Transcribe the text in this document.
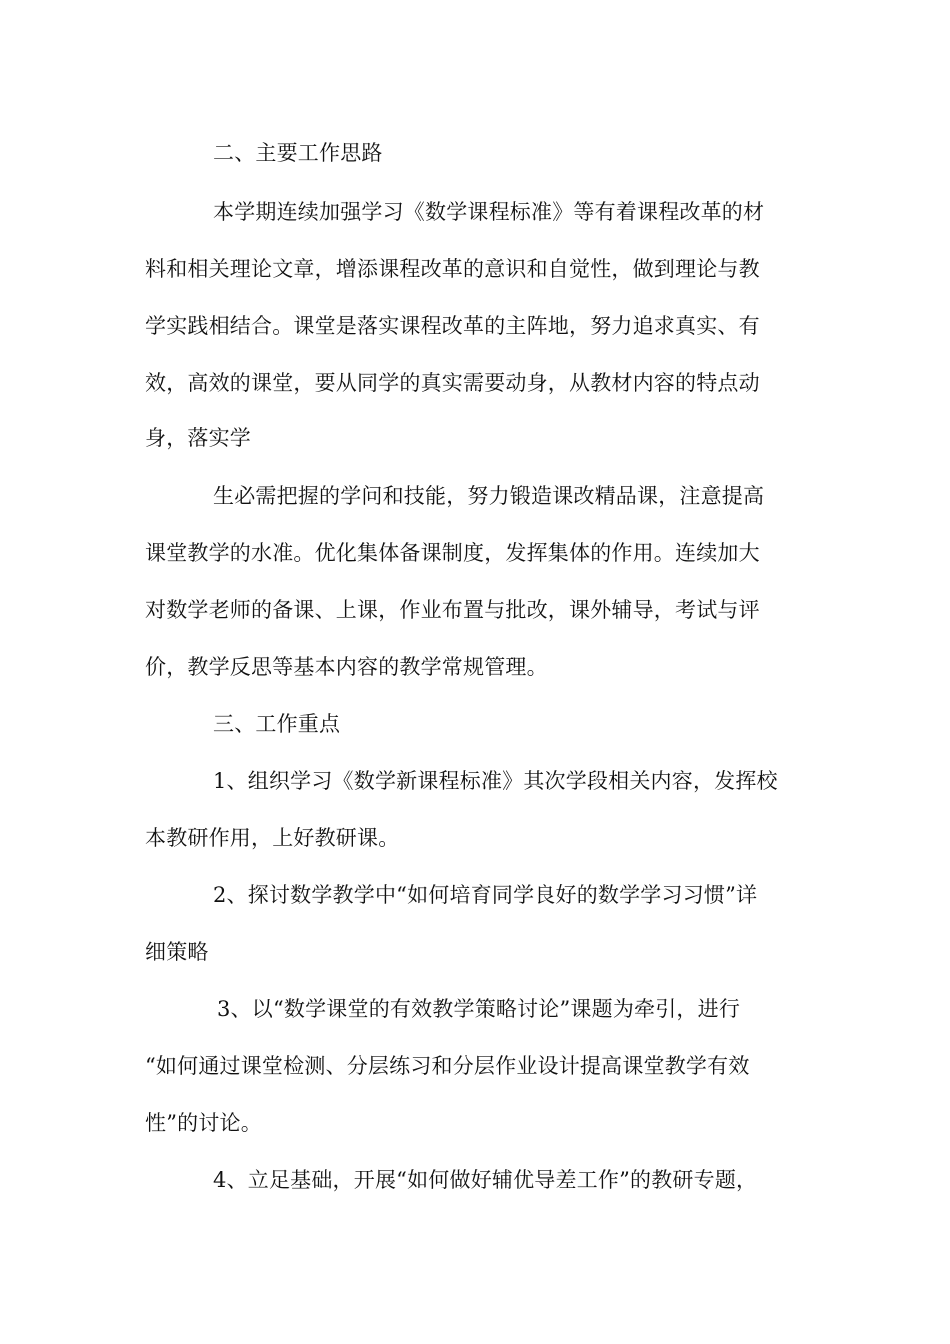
二、主要工作思路
本学期连续加强学习《数学课程标准》等有着课程改革的材
料和相关理论文章，增添课程改革的意识和自觉性，做到理论与教
学实践相结合。课堂是落实课程改革的主阵地，努力追求真实、有
效，高效的课堂，要从同学的真实需要动身，从教材内容的特点动
身，落实学
生必需把握的学问和技能，努力锻造课改精品课，注意提高
课堂教学的水准。优化集体备课制度，发挥集体的作用。连续加大
对数学老师的备课、上课，作业布置与批改，课外辅导，考试与评
价，教学反思等基本内容的教学常规管理。
三、工作重点
1、组织学习《数学新课程标准》其次学段相关内容，发挥校
本教研作用，上好教研课。
2、探讨数学教学中“如何培育同学良好的数学学习习惯”详
细策略
3、以“数学课堂的有效教学策略讨论”课题为牵引，进行
“如何通过课堂检测、分层练习和分层作业设计提高课堂教学有效
性”的讨论。
4、立足基础，开展“如何做好辅优导差工作”的教研专题，
